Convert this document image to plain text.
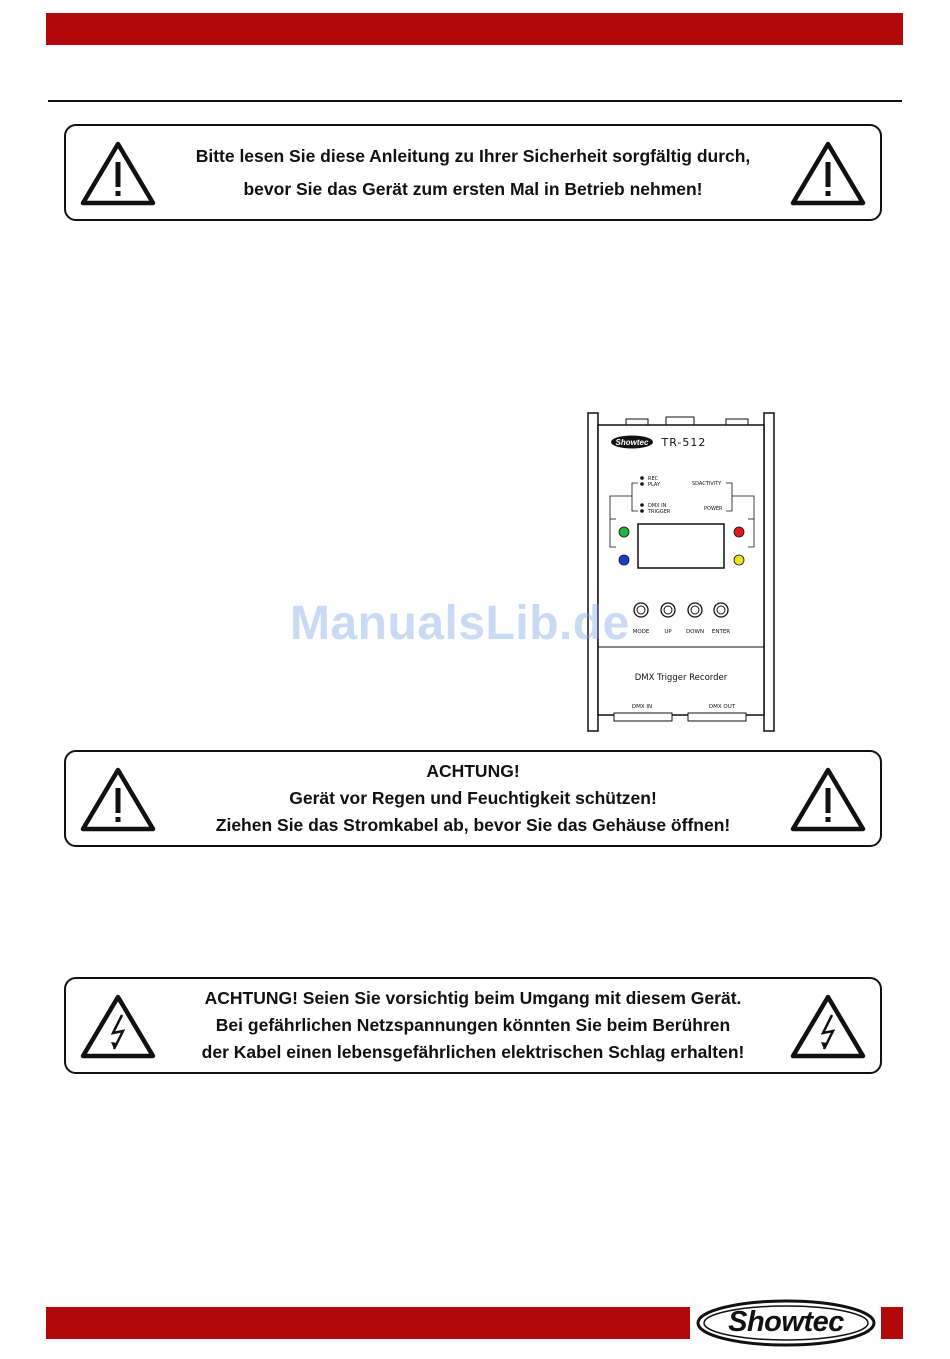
Bitte lesen Sie diese Anleitung zu Ihrer Sicherheit sorgfältig durch,
bevor Sie das Gerät zum ersten Mal in Betrieb nehmen!
Showtec TR-512
REC
PLAY
DMX IN
TRIGGER
SDACTIVITY
POWER
MODE	UP	DOWN ENTER
DMX Trigger Recorder
DMX IN	DMX OUT
ManualsLib.de
ACHTUNG!
Gerät vor Regen und Feuchtigkeit schützen!
Ziehen Sie das Stromkabel ab, bevor Sie das Gehäuse öffnen!
ACHTUNG! Seien Sie vorsichtig beim Umgang mit diesem Gerät.
Bei gefährlichen Netzspannungen könnten Sie beim Berühren
der Kabel einen lebensgefährlichen elektrischen Schlag erhalten!
Showtec
